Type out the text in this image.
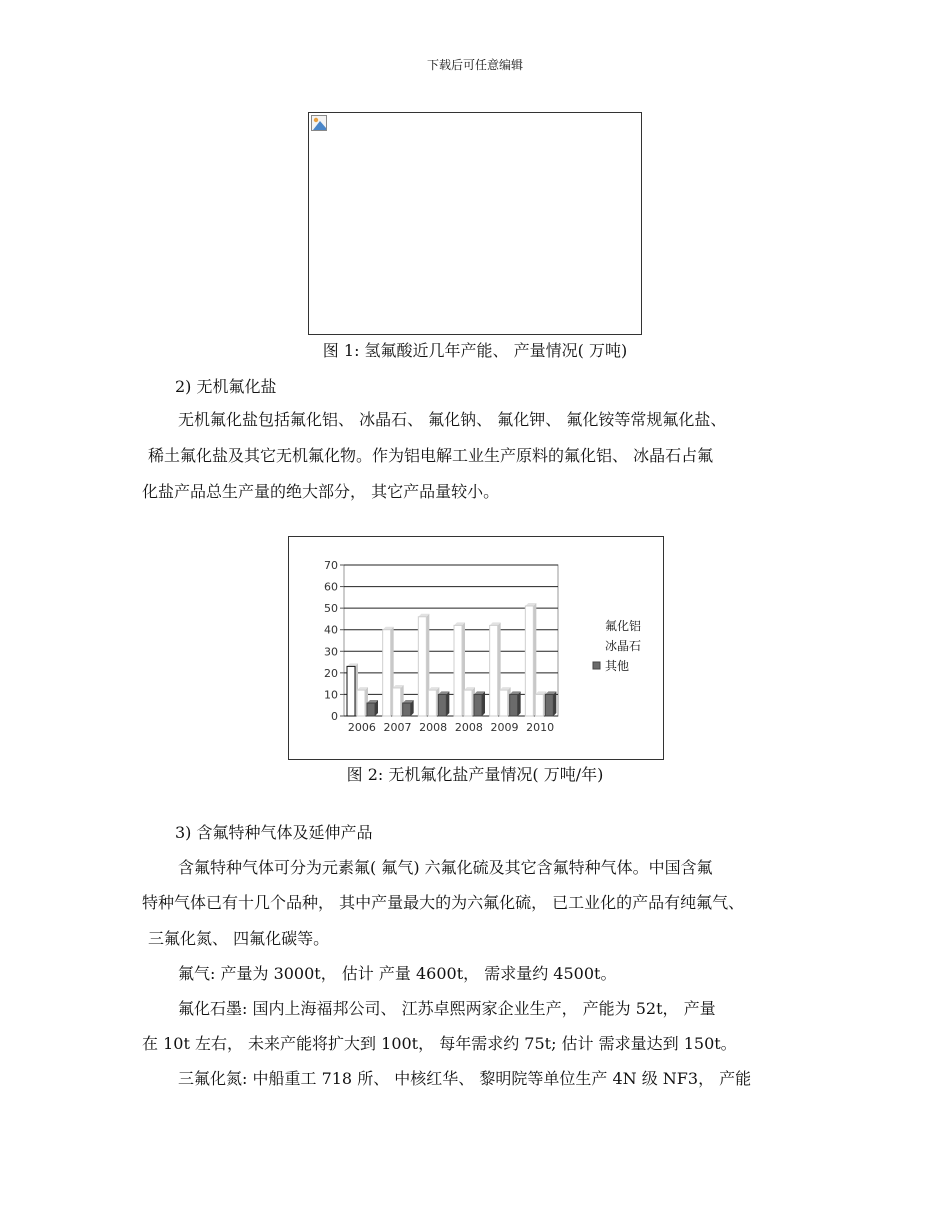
下载后可任意编辑
图 1: 氢氟酸近几年产能、 产量情况( 万吨)
2) 无机氟化盐
无机氟化盐包括氟化铝、 冰晶石、 氟化钠、 氟化钾、 氟化铵等常规氟化盐、
稀土氟化盐及其它无机氟化物。作为铝电解工业生产原料的氟化铝、 冰晶石占氟
化盐产品总生产量的绝大部分， 其它产品量较小。
0
10
20
30
40
50
60
70
2006 2007 2008 2008 2009 2010
氟化铝
冰晶石
其他
图 2: 无机氟化盐产量情况( 万吨/年)
3) 含氟特种气体及延伸产品
含氟特种气体可分为元素氟( 氟气) 六氟化硫及其它含氟特种气体。中国含氟
特种气体已有十几个品种， 其中产量最大的为六氟化硫， 已工业化的产品有纯氟气、
三氟化氮、 四氟化碳等。
氟气: 产量为 3000t， 估计 产量 4600t， 需求量约 4500t。
氟化石墨: 国内上海福邦公司、 江苏卓熙两家企业生产， 产能为 52t， 产量
在 10t 左右， 未来产能将扩大到 100t， 每年需求约 75t; 估计 需求量达到 150t。
三氟化氮: 中船重工 718 所、 中核红华、 黎明院等单位生产 4N 级 NF3， 产能
